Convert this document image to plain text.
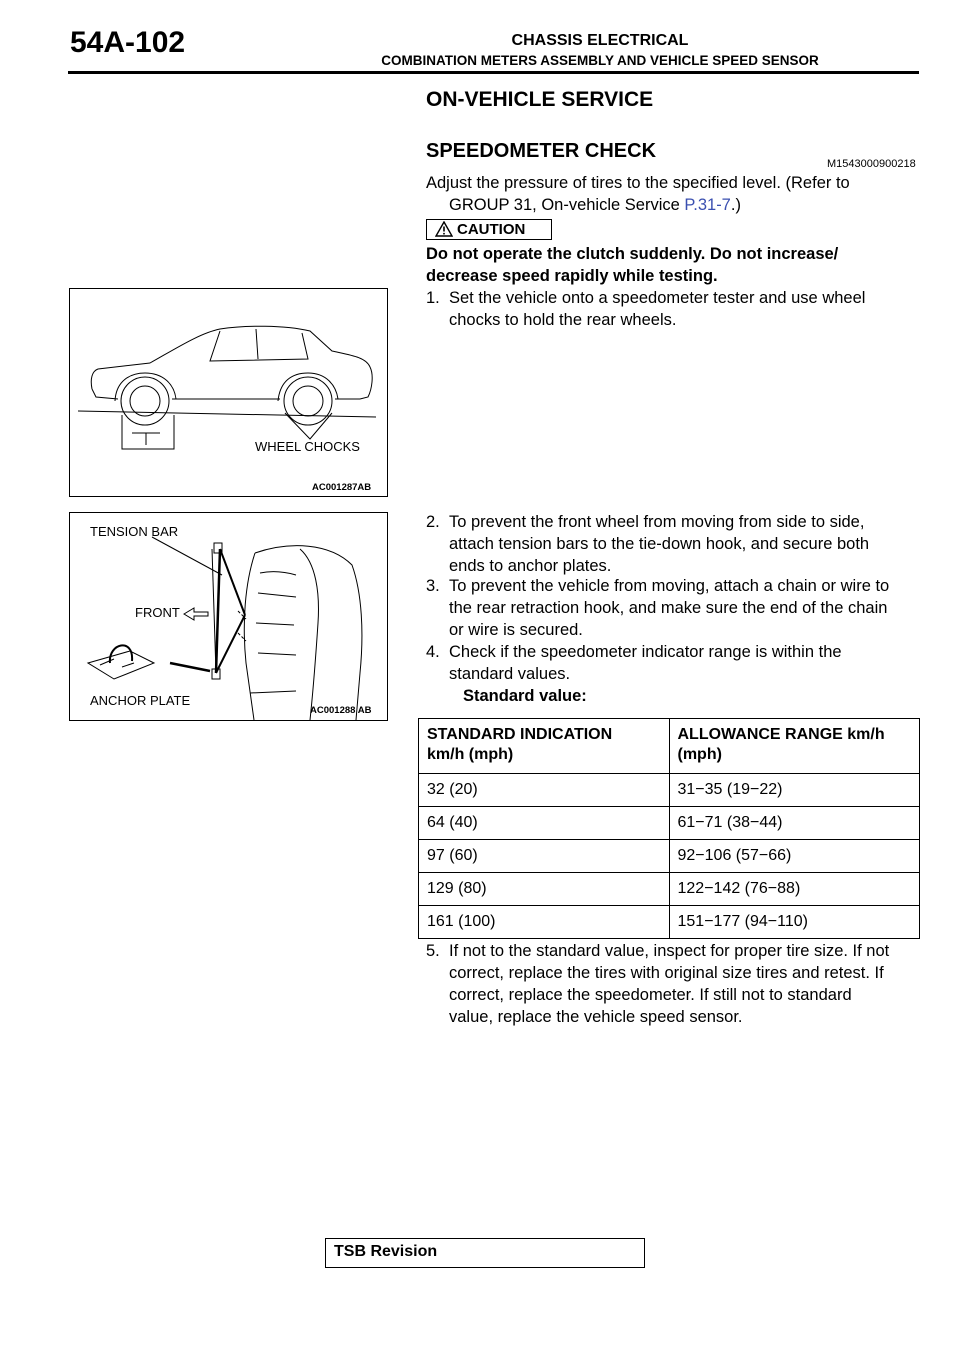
54A-102	CHASSIS ELECTRICAL
COMBINATION METERS ASSEMBLY AND VEHICLE SPEED SENSOR
ON-VEHICLE SERVICE
SPEEDOMETER CHECK
M1543000900218
Adjust the pressure of tires to the specified level. (Refer to
GROUP 31, On-vehicle Service P.31-7.)
CAUTION
Do not operate the clutch suddenly. Do not increase/
decrease speed rapidly while testing.
1. Set the vehicle onto a speedometer tester and use wheel
chocks to hold the rear wheels.
2. To prevent the front wheel from moving from side to side,
attach tension bars to the tie-down hook, and secure both
ends to anchor plates.
3. To prevent the vehicle from moving, attach a chain or wire to
the rear retraction hook, and make sure the end of the chain
or wire is secured.
4. Check if the speedometer indicator range is within the
standard values.
Standard value:
STANDARD INDICATION
km/h (mph)	ALLOWANCE RANGE km/h
(mph)
32 (20)	31−35 (19−22)
64 (40)	61−71 (38−44)
97 (60)	92−106 (57−66)
129 (80)	122−142 (76−88)
161 (100)	151−177 (94−110)
5. If not to the standard value, inspect for proper tire size. If not
correct, replace the tires with original size tires and retest. If
correct, replace the speedometer. If still not to standard
value, replace the vehicle speed sensor.
WHEEL CHOCKS
AC001287AB
TENSION BAR
FRONT
ANCHOR PLATE
AC001288 AB
TSB Revision
